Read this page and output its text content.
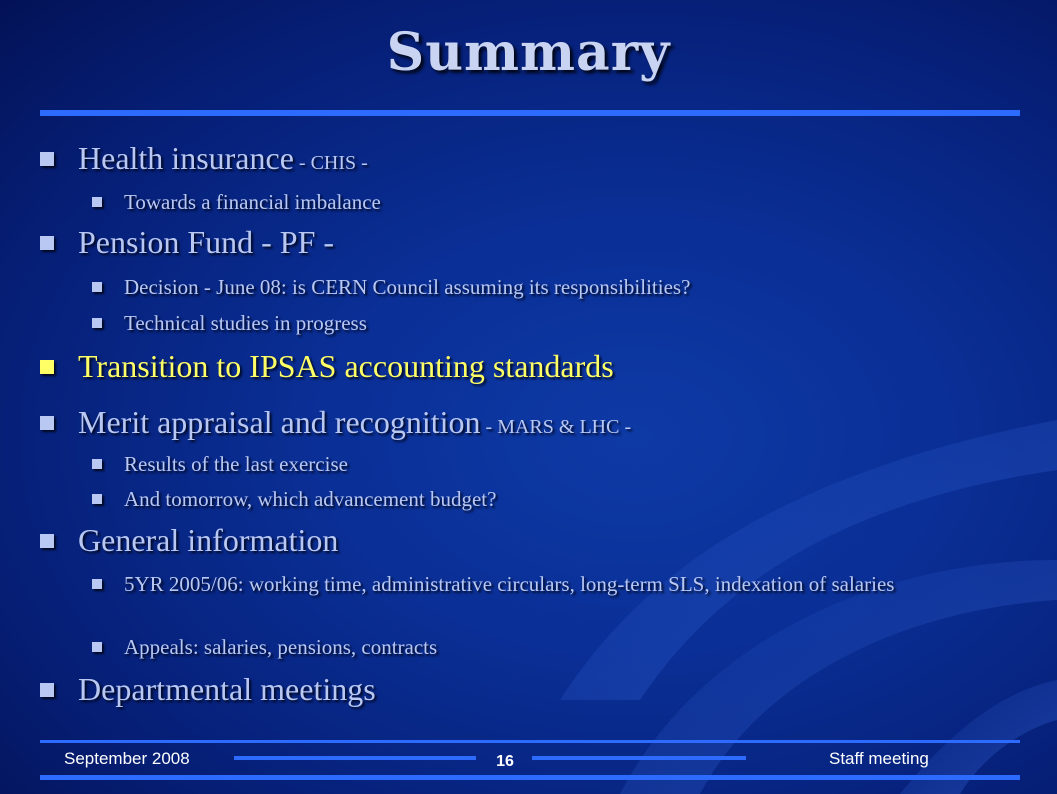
Summary
Health insurance - CHIS -
Towards a financial imbalance
Pension Fund - PF -
Decision - June 08: is CERN Council assuming its responsibilities?
Technical studies in progress
Transition to IPSAS accounting standards
Merit appraisal and recognition - MARS & LHC -
Results of the last exercise
And tomorrow, which advancement budget?
General information
5YR 2005/06: working time, administrative circulars, long-term SLS, indexation of salaries
Appeals: salaries, pensions, contracts
Departmental meetings
September 2008	16	Staff meeting
